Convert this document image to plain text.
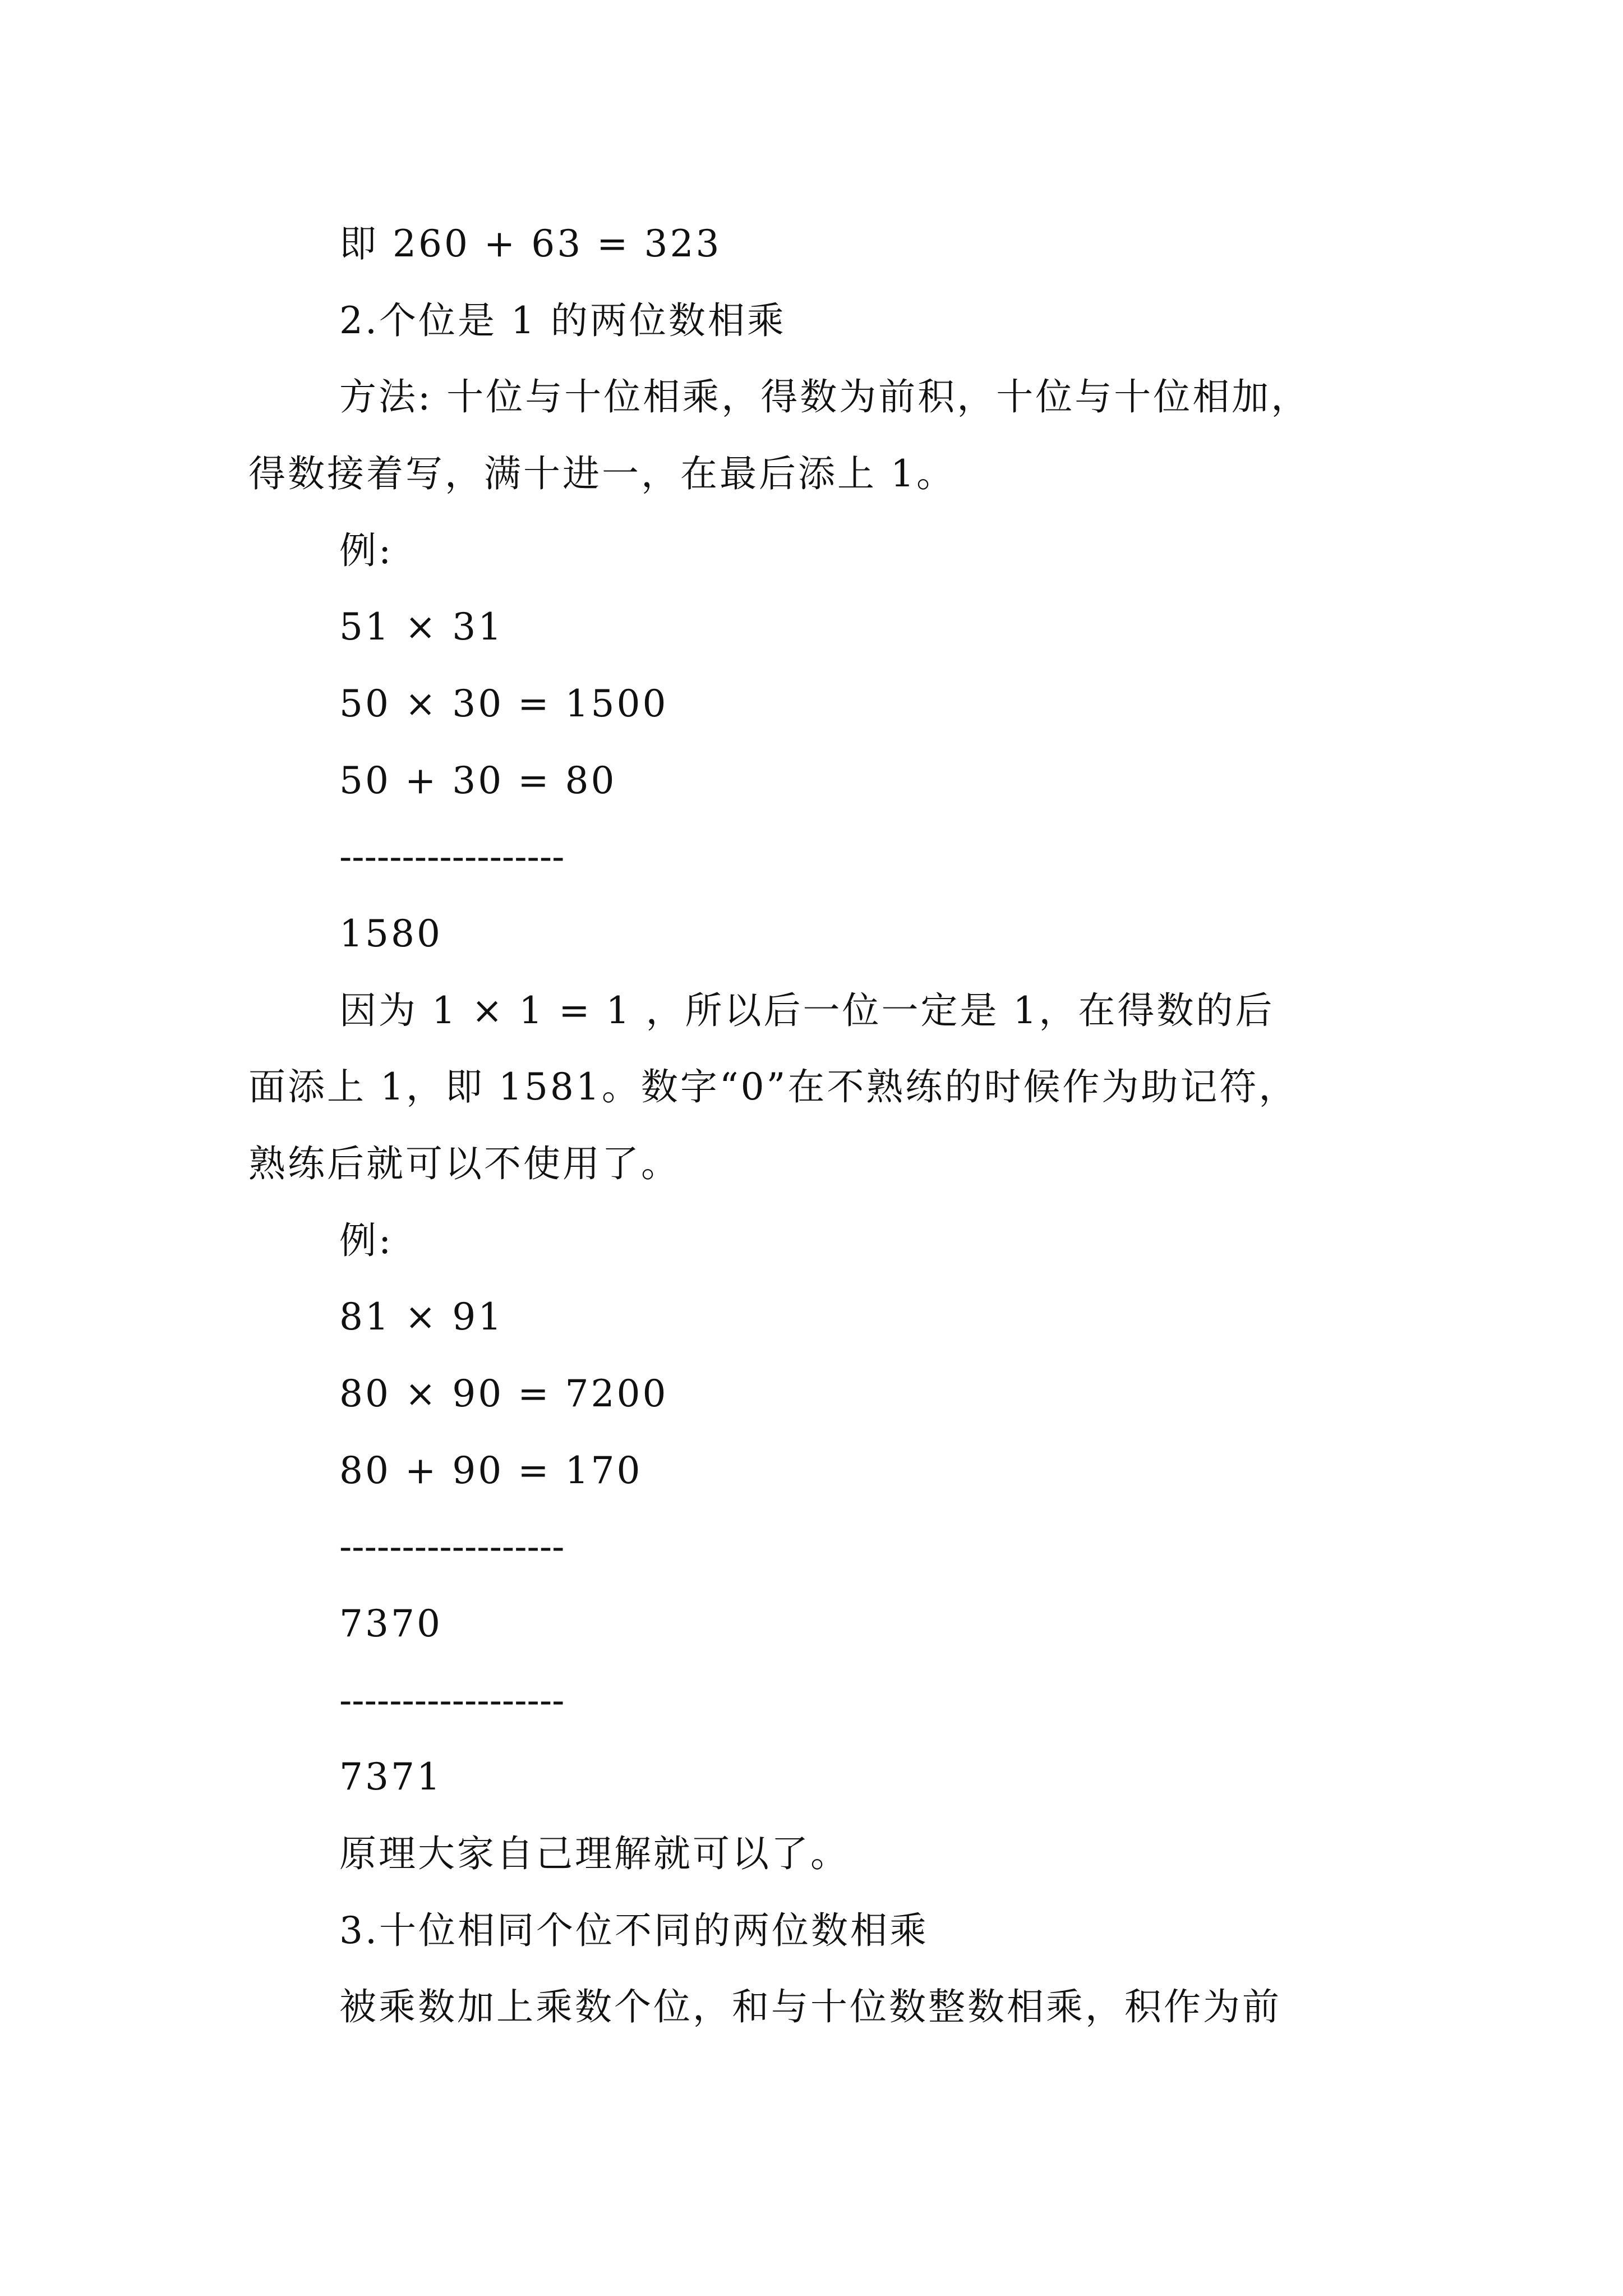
即 260 + 63 = 323
2.个位是 1 的两位数相乘
方法: 十位与十位相乘，得数为前积，十位与十位相加，
得数接着写，满十进一，在最后添上 1。
例:
51 × 31
50 × 30 = 1500
50 + 30 = 80
------------------
1580
因为 1 × 1 = 1 ，所以后一位一定是 1，在得数的后
面添上 1，即 1581。数字“0”在不熟练的时候作为助记符，
熟练后就可以不使用了。
例:
81 × 91
80 × 90 = 7200
80 + 90 = 170
------------------
7370
------------------
7371
原理大家自己理解就可以了。
3.十位相同个位不同的两位数相乘
被乘数加上乘数个位，和与十位数整数相乘，积作为前
